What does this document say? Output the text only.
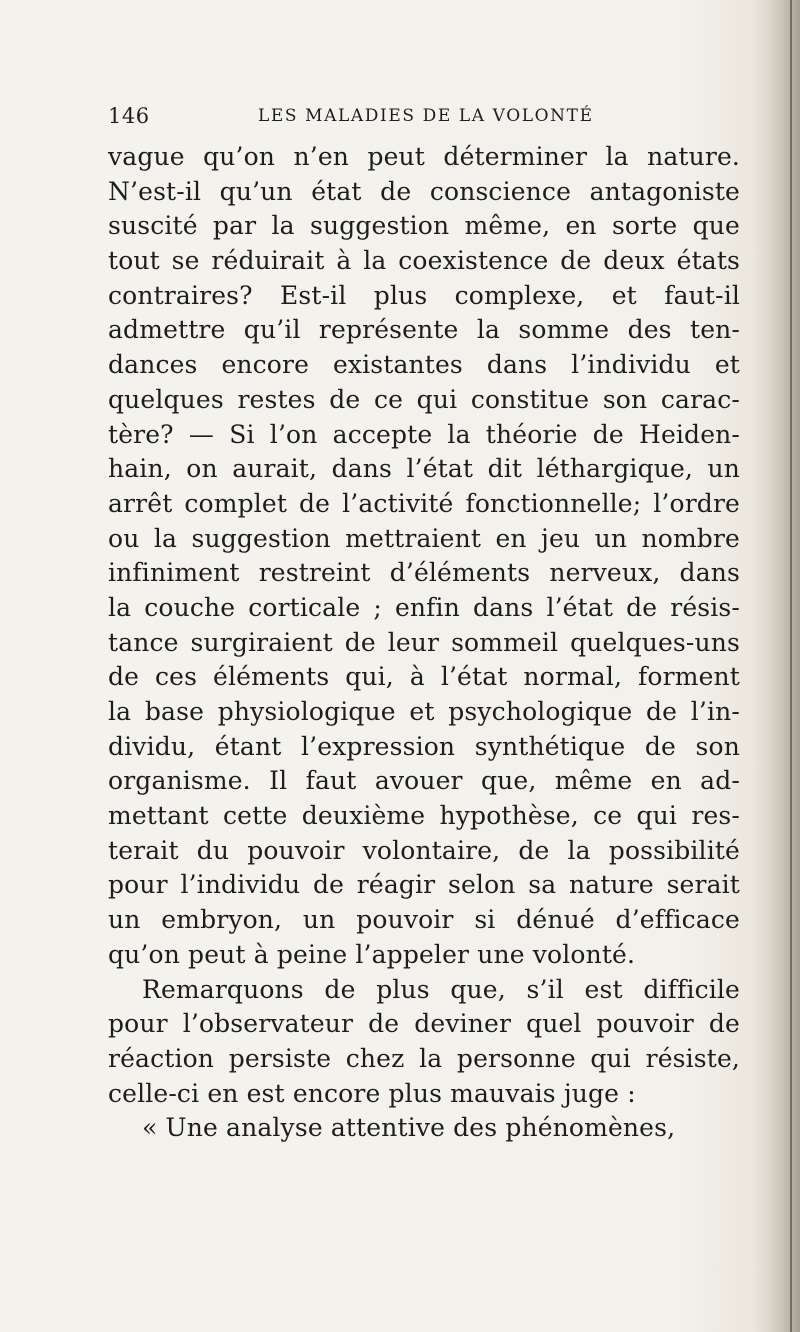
146	LES MALADIES DE LA VOLONTÉ
vague qu’on n’en peut déterminer la nature.
N’est-il qu’un état de conscience antagoniste
suscité par la suggestion même, en sorte que
tout se réduirait à la coexistence de deux états
contraires? Est-il plus complexe, et faut-il
admettre qu’il représente la somme des ten-
dances encore existantes dans l’individu et
quelques restes de ce qui constitue son carac-
tère? — Si l’on accepte la théorie de Heiden-
hain, on aurait, dans l’état dit léthargique, un
arrêt complet de l’activité fonctionnelle; l’ordre
ou la suggestion mettraient en jeu un nombre
infiniment restreint d’éléments nerveux, dans
la couche corticale ; enfin dans l’état de résis-
tance surgiraient de leur sommeil quelques-uns
de ces éléments qui, à l’état normal, forment
la base physiologique et psychologique de l’in-
dividu, étant l’expression synthétique de son
organisme. Il faut avouer que, même en ad-
mettant cette deuxième hypothèse, ce qui res-
terait du pouvoir volontaire, de la possibilité
pour l’individu de réagir selon sa nature serait
un embryon, un pouvoir si dénué d’efficace
qu’on peut à peine l’appeler une volonté.
Remarquons de plus que, s’il est difficile
pour l’observateur de deviner quel pouvoir de
réaction persiste chez la personne qui résiste,
celle-ci en est encore plus mauvais juge :
« Une analyse attentive des phénomènes,
